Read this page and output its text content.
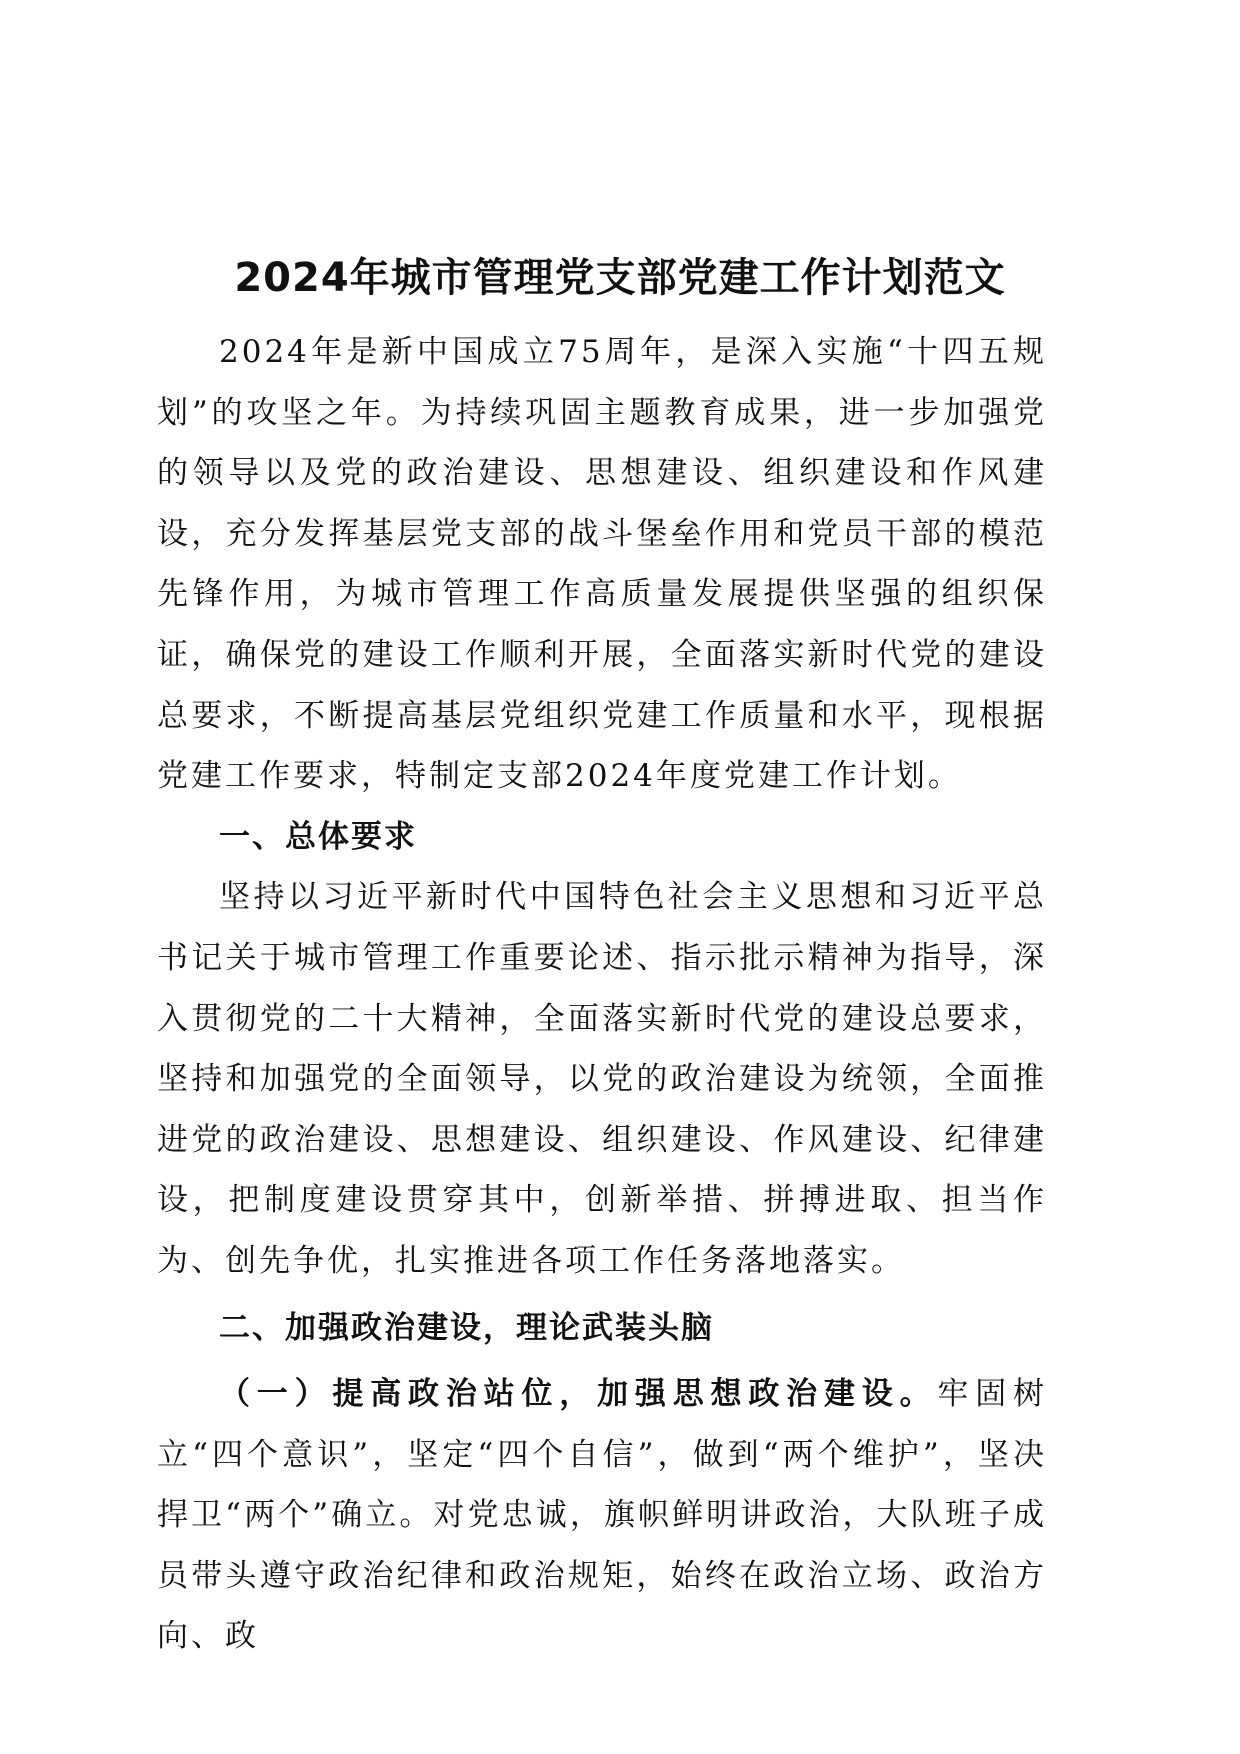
2024年城市管理党支部党建工作计划范文

2024年是新中国成立75周年，是深入实施“十四五规划”的攻坚之年。为持续巩固主题教育成果，进一步加强党的领导以及党的政治建设、思想建设、组织建设和作风建设，充分发挥基层党支部的战斗堡垒作用和党员干部的模范先锋作用，为城市管理工作高质量发展提供坚强的组织保证，确保党的建设工作顺利开展，全面落实新时代党的建设总要求，不断提高基层党组织党建工作质量和水平，现根据党建工作要求，特制定支部2024年度党建工作计划。

一、总体要求

坚持以习近平新时代中国特色社会主义思想和习近平总书记关于城市管理工作重要论述、指示批示精神为指导，深入贯彻党的二十大精神，全面落实新时代党的建设总要求，坚持和加强党的全面领导，以党的政治建设为统领，全面推进党的政治建设、思想建设、组织建设、作风建设、纪律建设，把制度建设贯穿其中，创新举措、拼搏进取、担当作为、创先争优，扎实推进各项工作任务落地落实。

二、加强政治建设，理论武装头脑

（一）提高政治站位，加强思想政治建设。牢固树立“四个意识”，坚定“四个自信”，做到“两个维护”，坚决捍卫“两个”确立。对党忠诚，旗帜鲜明讲政治，大队班子成员带头遵守政治纪律和政治规矩，始终在政治立场、政治方向、政
